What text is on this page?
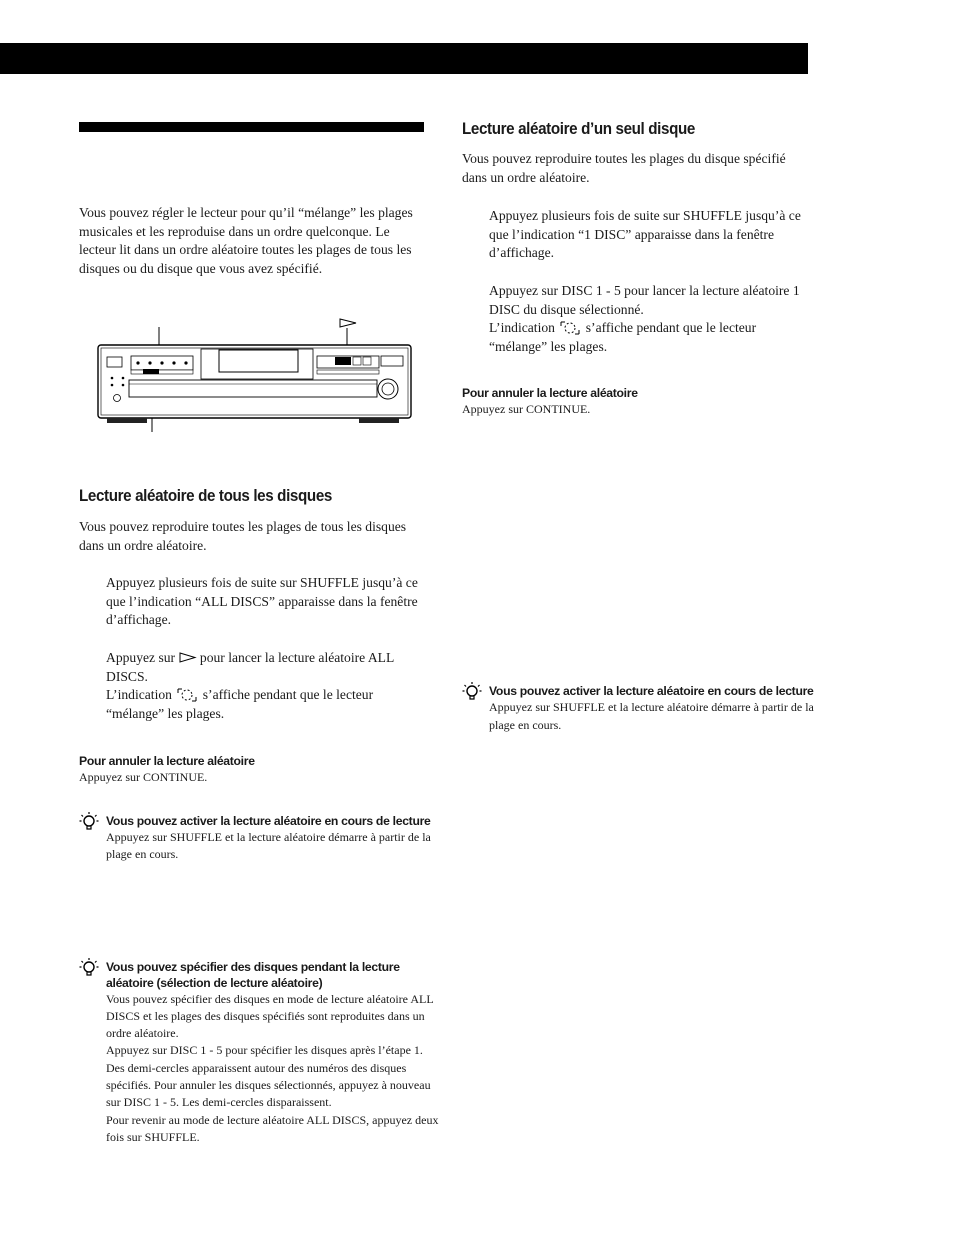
Vous pouvez régler le lecteur pour qu’il “mélange” les plages musicales et les reproduise dans un ordre quelconque. Le lecteur lit dans un ordre aléatoire toutes les plages de tous les disques ou du disque que vous avez spécifié.

Lecture aléatoire de tous les disques

Vous pouvez reproduire toutes les plages de tous les disques dans un ordre aléatoire.

Appuyez plusieurs fois de suite sur SHUFFLE jusqu’à ce que l’indication “ALL DISCS” apparaisse dans la fenêtre d’affichage.

Appuyez sur pour lancer la lecture aléatoire ALL DISCS.
L’indication s’affiche pendant que le lecteur “mélange” les plages.
Pour annuler la lecture aléatoire

Appuyez sur CONTINUE.

Vous pouvez activer la lecture aléatoire en cours de lecture

Appuyez sur SHUFFLE et la lecture aléatoire démarre à partir de la plage en cours.

Vous pouvez spécifier des disques pendant la lecture aléatoire (sélection de lecture aléatoire)

Vous pouvez spécifier des disques en mode de lecture aléatoire ALL DISCS et les plages des disques spécifiés sont reproduites dans un ordre aléatoire.

Appuyez sur DISC 1 - 5 pour spécifier les disques après l’étape 1.

Des demi-cercles apparaissent autour des numéros des disques spécifiés. Pour annuler les disques sélectionnés, appuyez à nouveau sur DISC 1 - 5. Les demi-cercles disparaissent.

Pour revenir au mode de lecture aléatoire ALL DISCS, appuyez deux fois sur SHUFFLE.

Lecture aléatoire d’un seul disque

Vous pouvez reproduire toutes les plages du disque spécifié dans un ordre aléatoire.

Appuyez plusieurs fois de suite sur SHUFFLE jusqu’à ce que l’indication “1 DISC” apparaisse dans la fenêtre d’affichage.

Appuyez sur DISC 1 - 5 pour lancer la lecture aléatoire 1 DISC du disque sélectionné.
L’indication s’affiche pendant que le lecteur “mélange” les plages.
Pour annuler la lecture aléatoire

Appuyez sur CONTINUE.

Vous pouvez activer la lecture aléatoire en cours de lecture

Appuyez sur SHUFFLE et la lecture aléatoire démarre à partir de la plage en cours.
